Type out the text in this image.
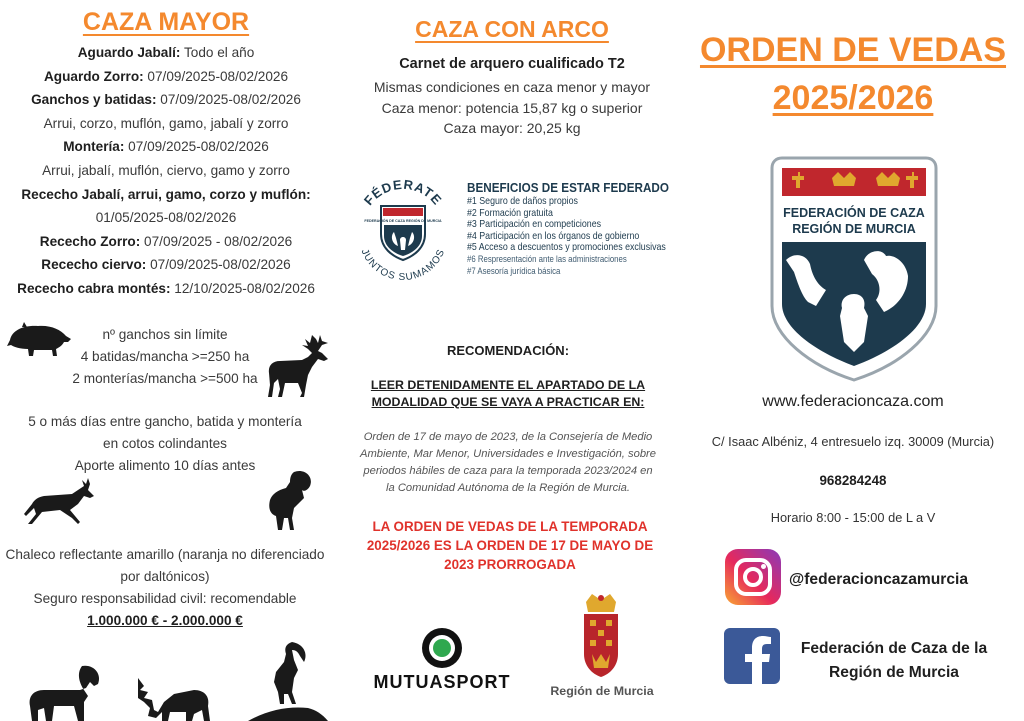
CAZA MAYOR

Aguardo Jabalí: Todo el año

Aguardo Zorro: 07/09/2025-08/02/2026

Ganchos y batidas: 07/09/2025-08/02/2026

Arrui, corzo, muflón, gamo, jabalí y zorro

Montería: 07/09/2025-08/02/2026

Arrui, jabalí, muflón, ciervo, gamo y zorro

Rececho Jabalí, arrui, gamo, corzo y muflón:

01/05/2025-08/02/2026

Rececho Zorro: 07/09/2025 - 08/02/2026

Rececho ciervo: 07/09/2025-08/02/2026

Rececho cabra montés: 12/10/2025-08/02/2026

nº ganchos sin límite
4 batidas/mancha >=250 ha
2 monterías/mancha >=500 ha
5 o más días entre gancho, batida y montería
en cotos colindantes
Aporte alimento 10 días antes
Chaleco reflectante amarillo (naranja no diferenciado
por daltónicos)
Seguro responsabilidad civil: recomendable
1.000.000 € - 2.000.000 €
CAZA CON ARCO
Carnet de arquero cualificado T2
Mismas condiciones en caza menor y mayor
Caza menor: potencia 15,87 kg o superior
Caza mayor: 20,25 kg
FÉDERATE
JUNTOS SUMAMOS
FEDERACIÓN DE CAZA REGIÓN DE MURCIA
BENEFICIOS DE ESTAR FEDERADO
#1 Seguro de daños propios
#2 Formación gratuita
#3 Participación en competiciones
#4 Participación en los órganos de gobierno
#5 Acceso a descuentos y promociones exclusivas
#6 Respresentación ante las administraciones
#7 Asesoría jurídica básica
RECOMENDACIÓN:
LEER DETENIDAMENTE EL APARTADO DE LA
MODALIDAD QUE SE VAYA A PRACTICAR EN:
Orden de 17 de mayo de 2023, de la Consejería de Medio
Ambiente, Mar Menor, Universidades e Investigación, sobre
periodos hábiles de caza para la temporada 2023/2024 en
la Comunidad Autónoma de la Región de Murcia.
LA ORDEN DE VEDAS DE LA TEMPORADA
2025/2026 ES LA ORDEN DE 17 DE MAYO DE
2023 PRORROGADA
MUTUASPORT	Región de Murcia
ORDEN DE VEDAS
2025/2026
FEDERACIÓN DE CAZA
REGIÓN DE MURCIA
www.federacioncaza.com
C/ Isaac Albéniz, 4 entresuelo izq. 30009 (Murcia)
968284248
Horario 8:00 - 15:00 de L a V
@federacioncazamurcia
Federación de Caza de la
Región de Murcia
